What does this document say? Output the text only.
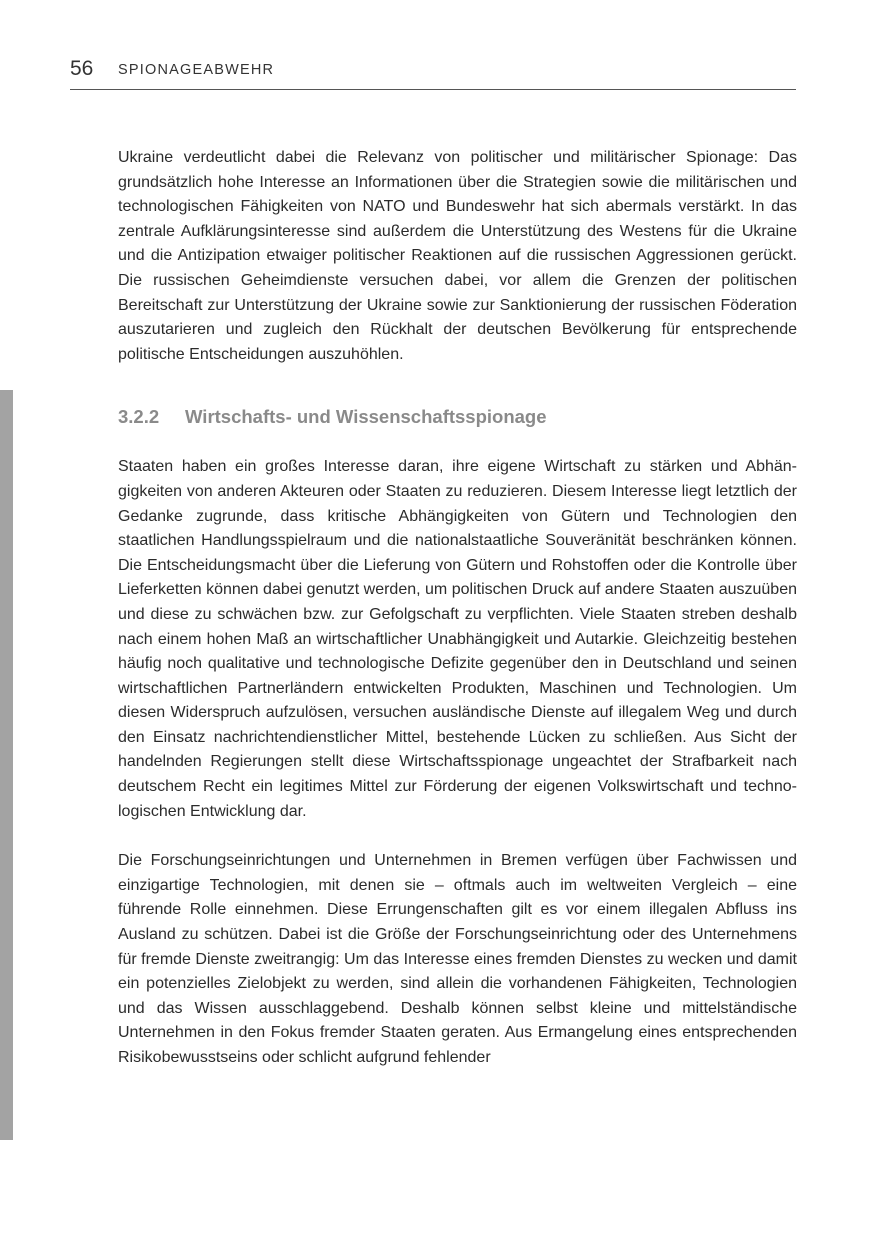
56 SPIONAGEABWEHR

Ukraine verdeutlicht dabei die Relevanz von politischer und militärischer Spionage: Das grundsätzlich hohe Interesse an Informationen über die Strategien sowie die militärischen und technologischen Fähigkeiten von NATO und Bundeswehr hat sich abermals verstärkt. In das zentrale Aufklärungsinteresse sind außerdem die Unterstützung des Westens für die Ukraine und die Antizipation etwaiger politischer Reaktionen auf die russischen Aggressionen gerückt. Die russischen Geheimdienste versuchen dabei, vor allem die Grenzen der politischen Bereitschaft zur Unterstützung der Ukraine sowie zur Sanktionierung der russischen Föderation auszutarieren und zugleich den Rückhalt der deutschen Bevölkerung für entsprechende politische Entscheidungen auszuhöhlen.

3.2.2 Wirtschafts- und Wissenschaftsspionage

Staaten haben ein großes Interesse daran, ihre eigene Wirtschaft zu stärken und Abhängigkeiten von anderen Akteuren oder Staaten zu reduzieren. Diesem Interesse liegt letztlich der Gedanke zugrunde, dass kritische Abhängigkeiten von Gütern und Technologien den staatlichen Handlungsspielraum und die nationalstaatliche Souveränität beschränken können. Die Entscheidungsmacht über die Lieferung von Gütern und Rohstoffen oder die Kontrolle über Lieferketten können dabei genutzt werden, um politischen Druck auf andere Staaten auszuüben und diese zu schwächen bzw. zur Gefolgschaft zu verpflichten. Viele Staaten streben deshalb nach einem hohen Maß an wirtschaftlicher Unabhängigkeit und Autarkie. Gleichzeitig bestehen häufig noch qualitative und technologische Defizite gegenüber den in Deutschland und seinen wirtschaftlichen Partnerländern entwickelten Produkten, Maschinen und Technologien. Um diesen Widerspruch aufzulösen, versuchen ausländische Dienste auf illegalem Weg und durch den Einsatz nachrichtendienstlicher Mittel, bestehende Lücken zu schließen. Aus Sicht der handelnden Regierungen stellt diese Wirtschaftsspionage ungeachtet der Strafbarkeit nach deutschem Recht ein legitimes Mittel zur Förderung der eigenen Volkswirtschaft und technologischen Entwicklung dar.

Die Forschungseinrichtungen und Unternehmen in Bremen verfügen über Fachwissen und einzigartige Technologien, mit denen sie – oftmals auch im weltweiten Vergleich – eine führende Rolle einnehmen. Diese Errungenschaften gilt es vor einem illegalen Abfluss ins Ausland zu schützen. Dabei ist die Größe der Forschungseinrichtung oder des Unternehmens für fremde Dienste zweitrangig: Um das Interesse eines fremden Dienstes zu wecken und damit ein potenzielles Zielobjekt zu werden, sind allein die vorhandenen Fähigkeiten, Technologien und das Wissen ausschlaggebend. Deshalb können selbst kleine und mittelständische Unternehmen in den Fokus fremder Staaten geraten. Aus Ermangelung eines entsprechenden Risikobewusstseins oder schlicht aufgrund fehlender
